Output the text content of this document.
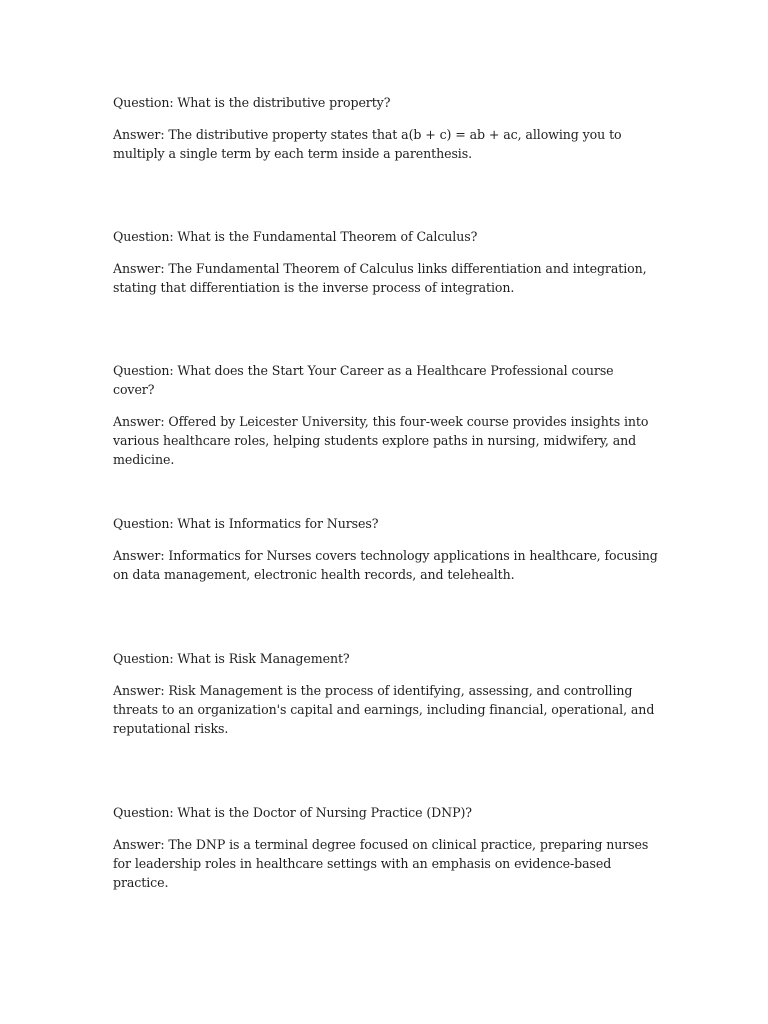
Question: What is the distributive property?

Answer: The distributive property states that a(b + c) = ab + ac, allowing you to multiply a single term by each term inside a parenthesis.

Question: What is the Fundamental Theorem of Calculus?

Answer: The Fundamental Theorem of Calculus links differentiation and integration, stating that differentiation is the inverse process of integration.

Question: What does the Start Your Career as a Healthcare Professional course cover?

Answer: Offered by Leicester University, this four-week course provides insights into various healthcare roles, helping students explore paths in nursing, midwifery, and medicine.

Question: What is Informatics for Nurses?

Answer: Informatics for Nurses covers technology applications in healthcare, focusing on data management, electronic health records, and telehealth.

Question: What is Risk Management?

Answer: Risk Management is the process of identifying, assessing, and controlling threats to an organization's capital and earnings, including financial, operational, and reputational risks.

Question: What is the Doctor of Nursing Practice (DNP)?

Answer: The DNP is a terminal degree focused on clinical practice, preparing nurses for leadership roles in healthcare settings with an emphasis on evidence-based practice.
